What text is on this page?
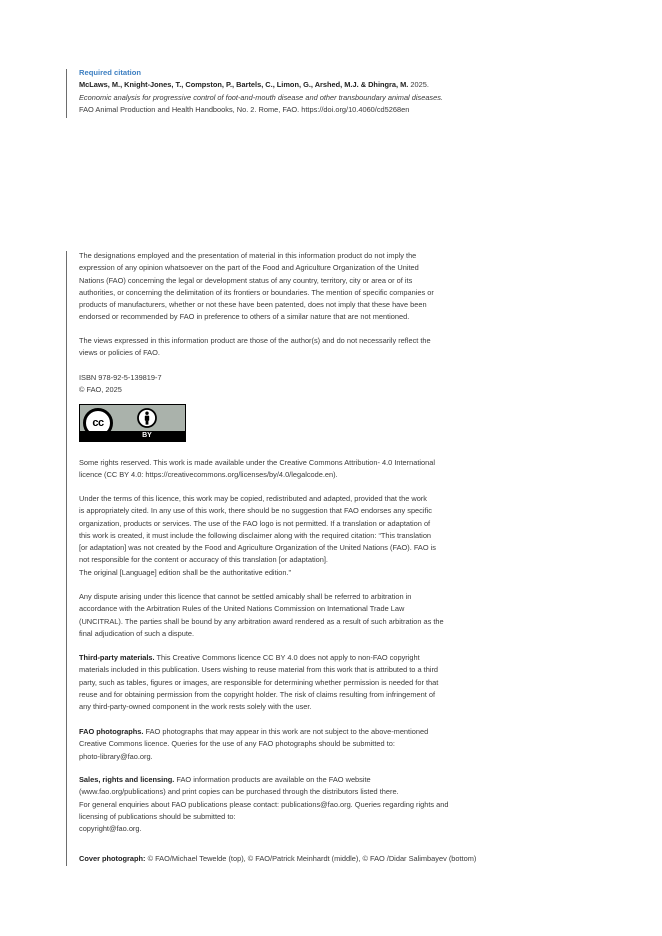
Required citation

McLaws, M., Knight-Jones, T., Compston, P., Bartels, C., Limon, G., Arshed, M.J. & Dhingra, M. 2025.

Economic analysis for progressive control of foot-and-mouth disease and other transboundary animal diseases.

FAO Animal Production and Health Handbooks, No. 2. Rome, FAO. https://doi.org/10.4060/cd5268en

The designations employed and the presentation of material in this information product do not imply the

expression of any opinion whatsoever on the part of the Food and Agriculture Organization of the United

Nations (FAO) concerning the legal or development status of any country, territory, city or area or of its

authorities, or concerning the delimitation of its frontiers or boundaries. The mention of specific companies or

products of manufacturers, whether or not these have been patented, does not imply that these have been

endorsed or recommended by FAO in preference to others of a similar nature that are not mentioned.

The views expressed in this information product are those of the author(s) and do not necessarily reflect the

views or policies of FAO.

ISBN 978-92-5-139819-7

© FAO, 2025

cc
BY

Some rights reserved. This work is made available under the Creative Commons Attribution- 4.0 International

licence (CC BY 4.0: https://creativecommons.org/licenses/by/4.0/legalcode.en).

Under the terms of this licence, this work may be copied, redistributed and adapted, provided that the work

is appropriately cited. In any use of this work, there should be no suggestion that FAO endorses any specific

organization, products or services. The use of the FAO logo is not permitted. If a translation or adaptation of

this work is created, it must include the following disclaimer along with the required citation: “This translation

[or adaptation] was not created by the Food and Agriculture Organization of the United Nations (FAO). FAO is

not responsible for the content or accuracy of this translation [or adaptation].

The original [Language] edition shall be the authoritative edition.”

Any dispute arising under this licence that cannot be settled amicably shall be referred to arbitration in

accordance with the Arbitration Rules of the United Nations Commission on International Trade Law

(UNCITRAL). The parties shall be bound by any arbitration award rendered as a result of such arbitration as the

final adjudication of such a dispute.

Third-party materials. This Creative Commons licence CC BY 4.0 does not apply to non-FAO copyright

materials included in this publication. Users wishing to reuse material from this work that is attributed to a third

party, such as tables, figures or images, are responsible for determining whether permission is needed for that

reuse and for obtaining permission from the copyright holder. The risk of claims resulting from infringement of

any third-party-owned component in the work rests solely with the user.

FAO photographs. FAO photographs that may appear in this work are not subject to the above-mentioned

Creative Commons licence. Queries for the use of any FAO photographs should be submitted to:

photo-library@fao.org.

Sales, rights and licensing. FAO information products are available on the FAO website

(www.fao.org/publications) and print copies can be purchased through the distributors listed there.

For general enquiries about FAO publications please contact: publications@fao.org. Queries regarding rights and

licensing of publications should be submitted to:

copyright@fao.org.

Cover photograph: © FAO/Michael Tewelde (top), © FAO/Patrick Meinhardt (middle), © FAO /Didar Salimbayev (bottom)
